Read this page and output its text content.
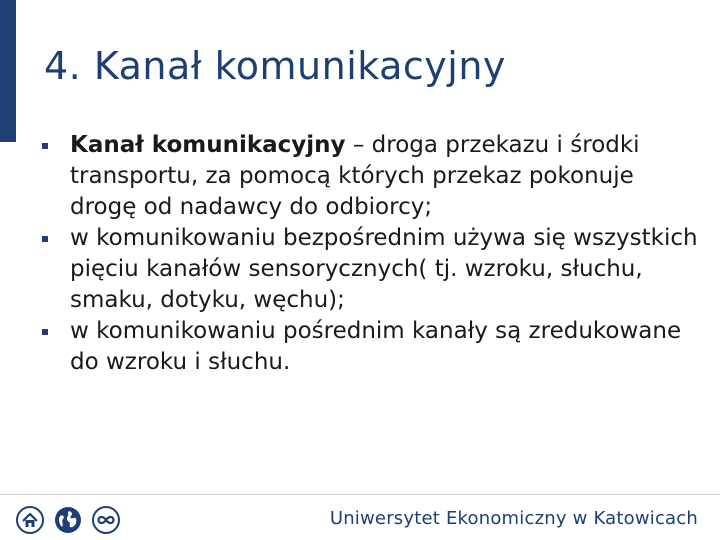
4. Kanał komunikacyjny
Kanał komunikacyjny – droga przekazu i środki transportu, za pomocą których przekaz pokonuje drogę od nadawcy do odbiorcy;
w komunikowaniu bezpośrednim używa się wszystkich pięciu kanałów sensorycznych( tj. wzroku, słuchu, smaku, dotyku, węchu);
w komunikowaniu pośrednim kanały są zredukowane do wzroku i słuchu.
Uniwersytet Ekonomiczny w Katowicach
